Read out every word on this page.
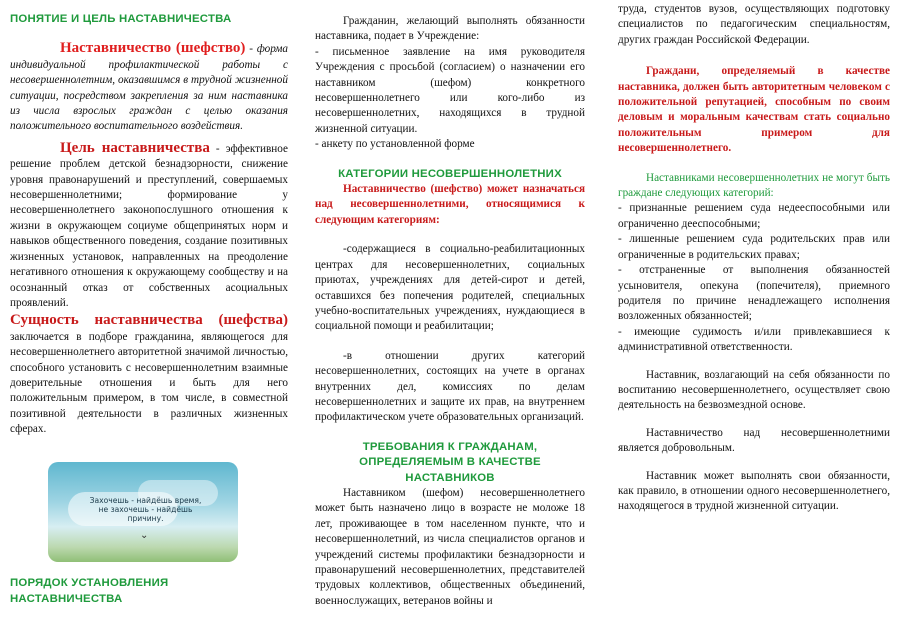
ПОНЯТИЕ И ЦЕЛЬ НАСТАВНИЧЕСТВА

Наставничество (шефство) - форма индивидуальной профилактической работы с несовершеннолетним, оказавшимся в трудной жизненной ситуации, посредством закрепления за ним наставника из числа взрослых граждан с целью оказания положительного воспитательного воздействия.

Цель наставничества - эффективное решение проблем детской безнадзорности, снижение уровня правонарушений и преступлений, совершаемых несовершеннолетними; формирование у несовершеннолетнего законопослушного отношения к жизни в окружающем социуме общепринятых норм и навыков общественного поведения, создание позитивных жизненных установок, направленных на преодоление негативного отношения к окружающему сообществу и на осознанный отказ от собственных асоциальных проявлений.

Сущность наставничества (шефства) заключается в подборе гражданина, являющегося для несовершеннолетнего авторитетной значимой личностью, способного установить с несовершеннолетним взаимные доверительные отношения и быть для него положительным примером, в том числе, в совместной позитивной деятельности в различных жизненных сферах.

Захочешь - найдёшь время, не захочешь - найдёшь причину.
⌄
ПОРЯДОК УСТАНОВЛЕНИЯ НАСТАВНИЧЕСТВА

Гражданин, желающий выполнять обязанности наставника, подает в Учреждение:

- письменное заявление на имя руководителя Учреждения с просьбой (согласием) о назначении его наставником (шефом) конкретного несовершеннолетнего или кого-либо из несовершеннолетних, находящихся в трудной жизненной ситуации.

- анкету по установленной форме

КАТЕГОРИИ НЕСОВЕРШЕННОЛЕТНИХ

Наставничество (шефство) может назначаться над несовершеннолетними, относящимися к следующим категориям:

-содержащиеся в социально-реабилитационных центрах для несовершеннолетних, социальных приютах, учреждениях для детей-сирот и детей, оставшихся без попечения родителей, специальных учебно-воспитательных учреждениях, нуждающиеся в социальной помощи и реабилитации;

-в отношении других категорий несовершеннолетних, состоящих на учете в органах внутренних дел, комиссиях по делам несовершеннолетних и защите их прав, на внутреннем профилактическом учете образовательных организаций.

ТРЕБОВАНИЯ К ГРАЖДАНАМ, ОПРЕДЕЛЯЕМЫМ В КАЧЕСТВЕ НАСТАВНИКОВ

Наставником (шефом) несовершеннолетнего может быть назначено лицо в возрасте не моложе 18 лет, проживающее в том населенном пункте, что и несовершеннолетний, из числа специалистов органов и учреждений системы профилактики безнадзорности и правонарушений несовершеннолетних, представителей трудовых коллективов, общественных объединений, военнослужащих, ветеранов войны и

труда, студентов вузов, осуществляющих подготовку специалистов по педагогическим специальностям, других граждан Российской Федерации.

Граждани, определяемый в качестве наставника, должен быть авторитетным человеком с положительной репутацией, способным по своим деловым и моральным качествам стать социально положительным примером для несовершеннолетнего.

Наставниками несовершеннолетних не могут быть граждане следующих категорий:

- признанные решением суда недееспособными или ограниченно дееспособными;

- лишенные решением суда родительских прав или ограниченные в родительских правах;

- отстраненные от выполнения обязанностей усыновителя, опекуна (попечителя), приемного родителя по причине ненадлежащего исполнения возложенных обязанностей;

- имеющие судимость и/или привлекавшиеся к административной ответственности.

Наставник, возлагающий на себя обязанности по воспитанию несовершеннолетнего, осуществляет свою деятельность на безвозмездной основе.

Наставничество над несовершеннолетними является добровольным.

Наставник может выполнять свои обязанности, как правило, в отношении одного несовершеннолетнего, находящегося в трудной жизненной ситуации.
